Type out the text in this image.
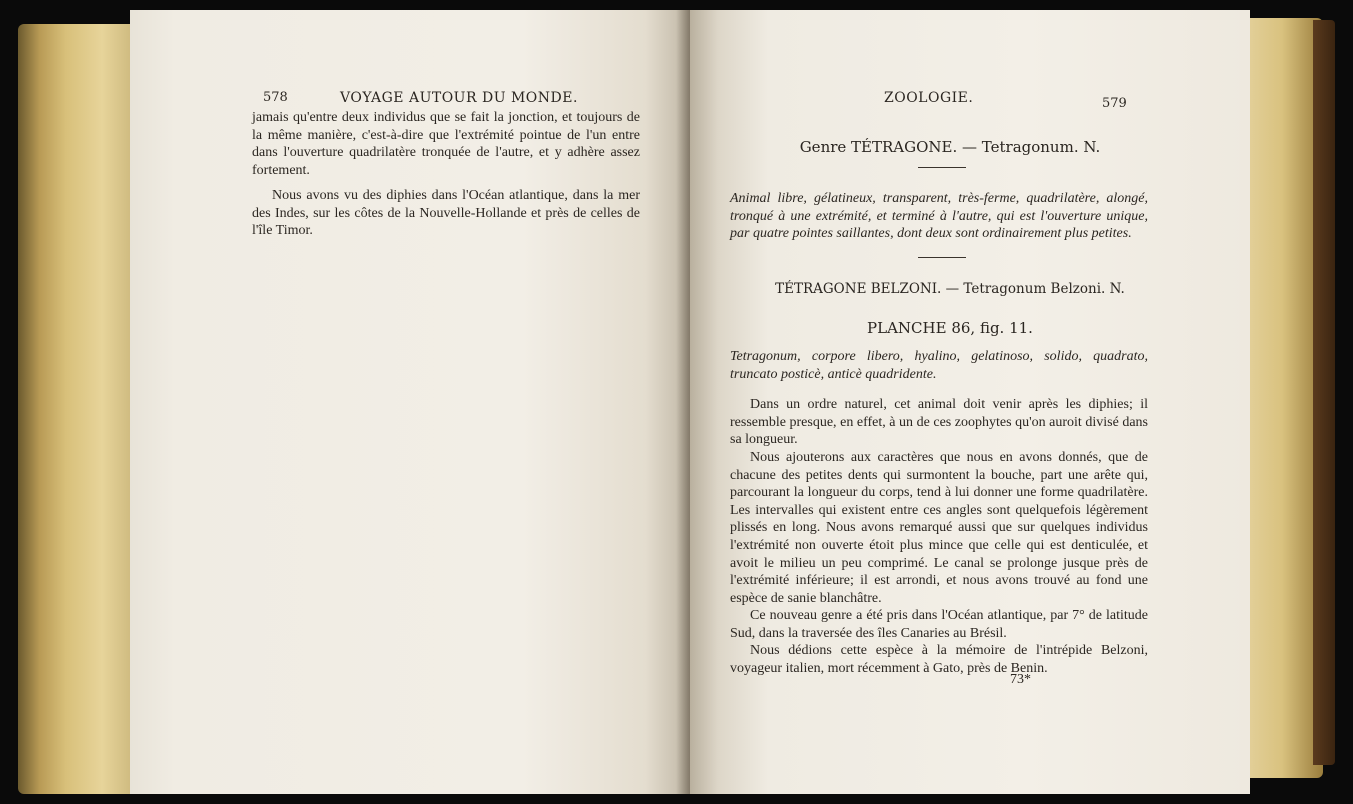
578	VOYAGE AUTOUR DU MONDE.

jamais qu'entre deux individus que se fait la jonction, et toujours de la même manière, c'est-à-dire que l'extrémité pointue de l'un entre dans l'ouverture quadrilatère tronquée de l'autre, et y adhère assez fortement.

Nous avons vu des diphies dans l'Océan atlantique, dans la mer des Indes, sur les côtes de la Nouvelle-Hollande et près de celles de l'île Timor.

ZOOLOGIE.	579
Genre TÉTRAGONE. — Tetragonum. N.

Animal libre, gélatineux, transparent, très-ferme, quadrilatère, alongé, tronqué à une extrémité, et terminé à l'autre, qui est l'ouverture unique, par quatre pointes saillantes, dont deux sont ordinairement plus petites.

TÉTRAGONE BELZONI. — Tetragonum Belzoni. N.
PLANCHE 86, fig. 11.

Tetragonum, corpore libero, hyalino, gelatinoso, solido, quadrato, truncato posticè, anticè quadridente.

Dans un ordre naturel, cet animal doit venir après les diphies; il ressemble presque, en effet, à un de ces zoophytes qu'on auroit divisé dans sa longueur.

Nous ajouterons aux caractères que nous en avons donnés, que de chacune des petites dents qui surmontent la bouche, part une arête qui, parcourant la longueur du corps, tend à lui donner une forme quadrilatère. Les intervalles qui existent entre ces angles sont quelquefois légèrement plissés en long. Nous avons remarqué aussi que sur quelques individus l'extrémité non ouverte étoit plus mince que celle qui est denticulée, et avoit le milieu un peu comprimé. Le canal se prolonge jusque près de l'extrémité inférieure; il est arrondi, et nous avons trouvé au fond une espèce de sanie blanchâtre.

Ce nouveau genre a été pris dans l'Océan atlantique, par 7° de latitude Sud, dans la traversée des îles Canaries au Brésil.

Nous dédions cette espèce à la mémoire de l'intrépide Belzoni, voyageur italien, mort récemment à Gato, près de Benin.

73*
